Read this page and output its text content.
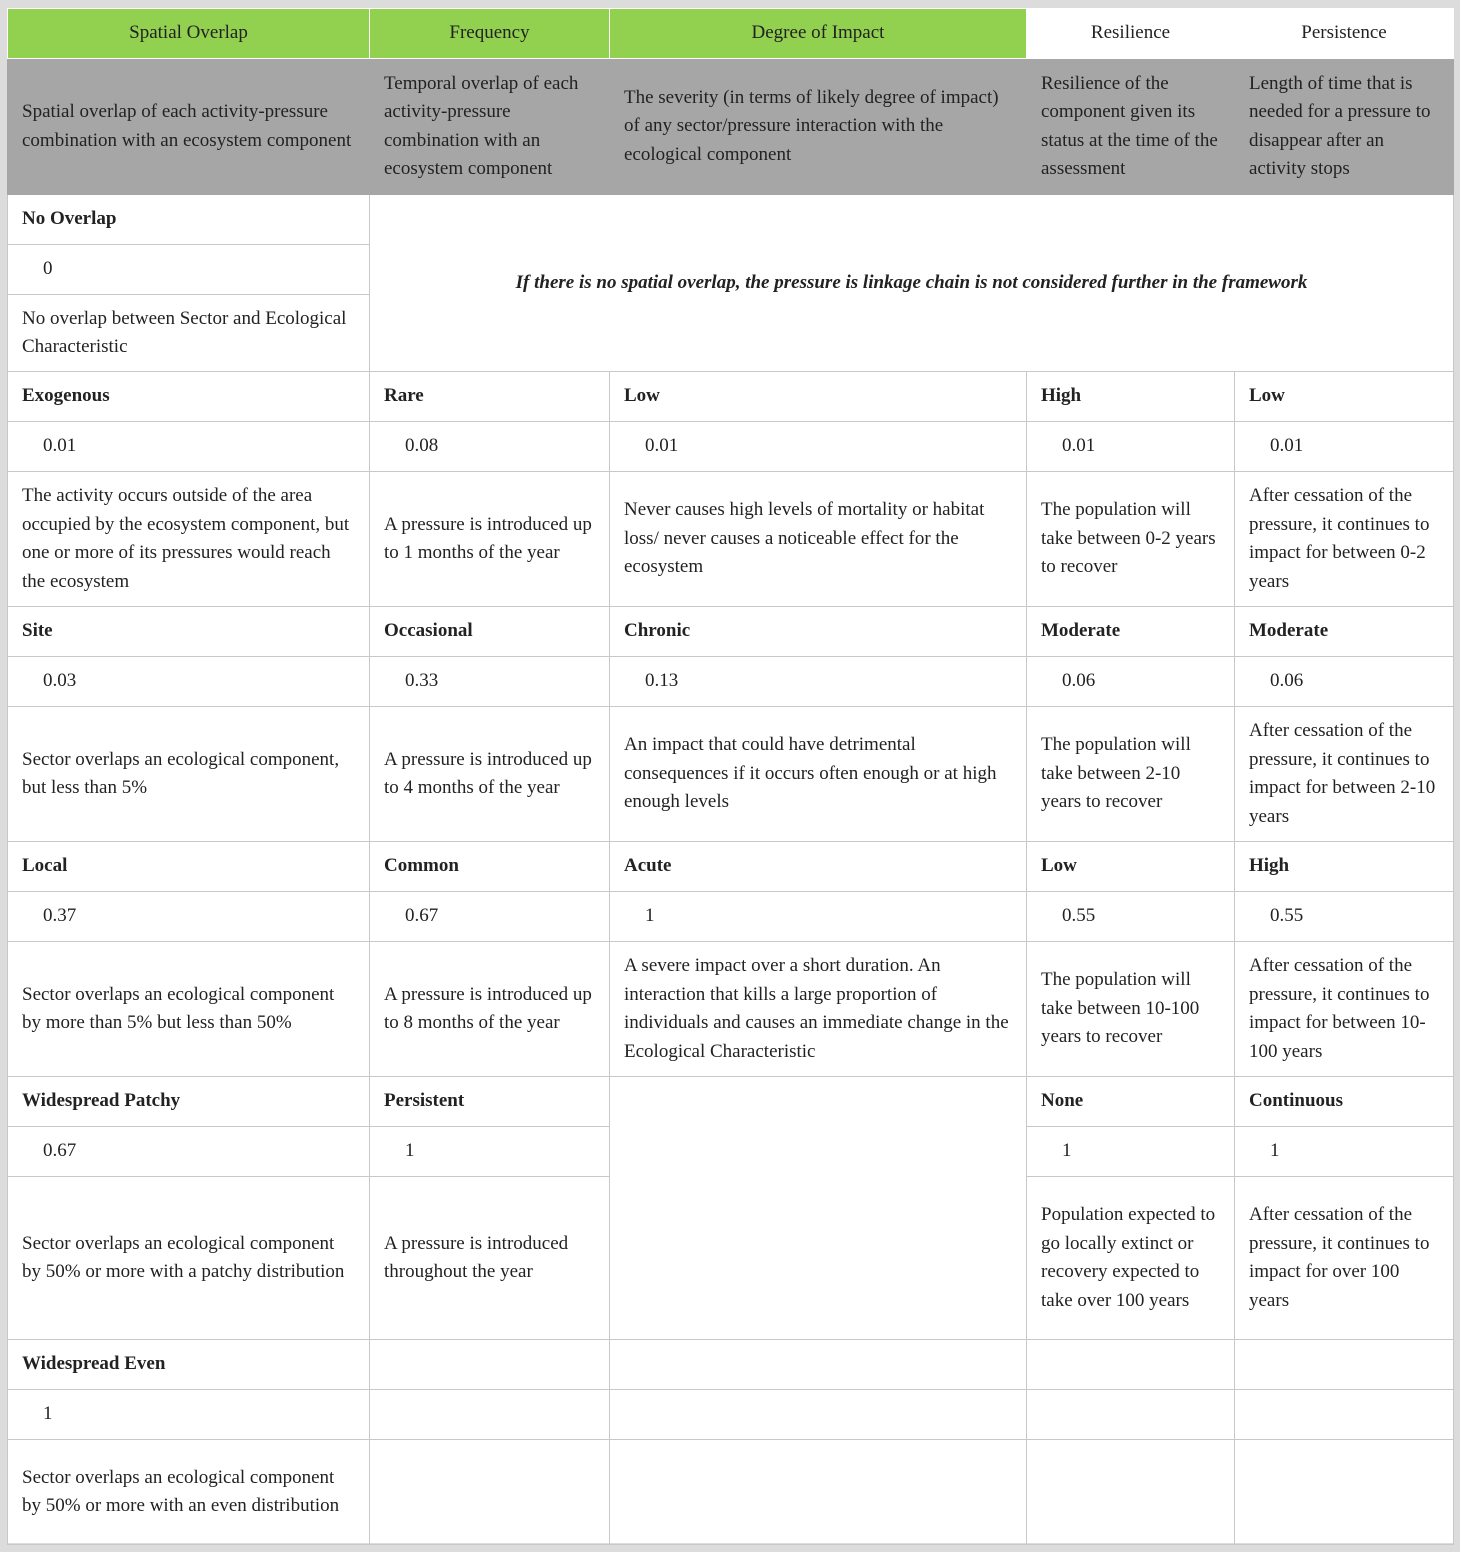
Spatial Overlap	Frequency	Degree of Impact	Resilience	Persistence
Spatial overlap of each activity-pressure combination with an ecosystem component	Temporal overlap of each activity-pressure combination with an ecosystem component	The severity (in terms of likely degree of impact) of any sector/pressure interaction with the ecological component	Resilience of the component given its status at the time of the assessment	Length of time that is needed for a pressure to disappear after an activity stops
No Overlap	If there is no spatial overlap, the pressure is linkage chain is not considered further in the framework			
0				
No overlap between Sector and Ecological Characteristic				
Exogenous	Rare	Low	High	Low
0.01	0.08	0.01	0.01	0.01
The activity occurs outside of the area occupied by the ecosystem component, but one or more of its pressures would reach the ecosystem	A pressure is introduced up to 1 months of the year	Never causes high levels of mortality or habitat loss/ never causes a noticeable effect for the ecosystem	The population will take between 0-2 years to recover	After cessation of the pressure, it continues to impact for between 0-2 years
Site	Occasional	Chronic	Moderate	Moderate
0.03	0.33	0.13	0.06	0.06
Sector overlaps an ecological component, but less than 5%	A pressure is introduced up to 4 months of the year	An impact that could have detrimental consequences if it occurs often enough or at high enough levels	The population will take between 2-10 years to recover	After cessation of the pressure, it continues to impact for between 2-10 years
Local	Common	Acute	Low	High
0.37	0.67	1	0.55	0.55
Sector overlaps an ecological component by more than 5% but less than 50%	A pressure is introduced up to 8 months of the year	A severe impact over a short duration. An interaction that kills a large proportion of individuals and causes an immediate change in the Ecological Characteristic	The population will take between 10-100 years to recover	After cessation of the pressure, it continues to impact for between 10-100 years
Widespread Patchy	Persistent		None	Continuous
0.67	1		1	1
Sector overlaps an ecological component by 50% or more with a patchy distribution	A pressure is introduced throughout the year		Population expected to go locally extinct or recovery expected to take over 100 years	After cessation of the pressure, it continues to impact for over 100 years
Widespread Even				
1				
Sector overlaps an ecological component by 50% or more with an even distribution				
